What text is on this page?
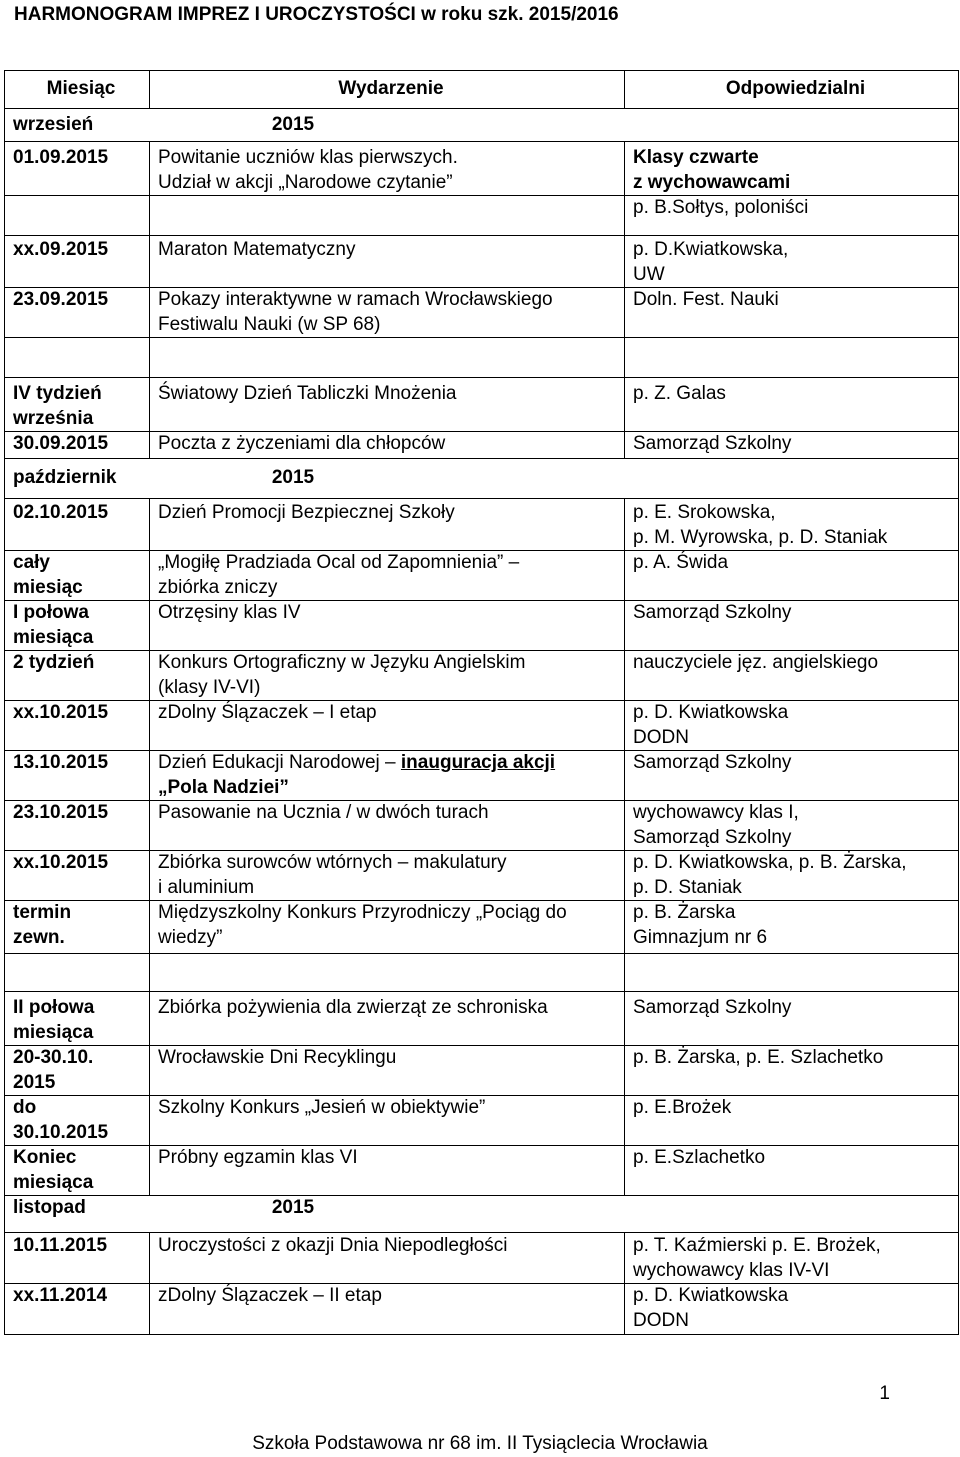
HARMONOGRAM IMPREZ I UROCZYSTOŚCI w roku szk. 2015/2016
Miesiąc	Wydarzenie	Odpowiedzialni
wrzesień 2015		
01.09.2015	Powitanie uczniów klas pierwszych.
Udział w akcji „Narodowe czytanie”	Klasy czwarte
z wychowawcami

		p. B.Sołtys, poloniści

xx.09.2015	Maraton Matematyczny	p. D.Kwiatkowska,
UW

23.09.2015	Pokazy interaktywne w ramach Wrocławskiego
Festiwalu Nauki (w SP 68)	Doln. Fest. Nauki

IV tydzień
września	Światowy Dzień Tabliczki Mnożenia	p. Z. Galas
30.09.2015	Poczta z życzeniami dla chłopców	Samorząd Szkolny
październik 2015		
02.10.2015	Dzień Promocji Bezpiecznej Szkoły	p. E. Srokowska,
p. M. Wyrowska, p. D. Staniak

cały
miesiąc	„Mogiłę Pradziada Ocal od Zapomnienia” –
zbiórka zniczy	p. A. Świda

I połowa
miesiąca	Otrzęsiny klas IV	Samorząd Szkolny
2 tydzień	Konkurs Ortograficzny w Języku Angielskim
(klasy IV-VI)	nauczyciele jęz. angielskiego
xx.10.2015	zDolny Ślązaczek – I etap	p. D. Kwiatkowska
DODN

13.10.2015	Dzień Edukacji Narodowej – inauguracja akcji
„Pola Nadziei”	Samorząd Szkolny
23.10.2015	Pasowanie na Ucznia / w dwóch turach	wychowawcy klas I,
Samorząd Szkolny

xx.10.2015	Zbiórka surowców wtórnych – makulatury
i aluminium	p. D. Kwiatkowska, p. B. Żarska,
p. D. Staniak

termin
zewn.	Międzyszkolny Konkurs Przyrodniczy „Pociąg do
wiedzy”	p. B. Żarska
Gimnazjum nr 6

II połowa
miesiąca	Zbiórka pożywienia dla zwierząt ze schroniska	Samorząd Szkolny

20-30.10.
2015	Wrocławskie Dni Recyklingu	p. B. Żarska, p. E. Szlachetko

do
30.10.2015	Szkolny Konkurs „Jesień w obiektywie”	p. E.Brożek

Koniec
miesiąca	Próbny egzamin klas VI	p. E.Szlachetko
listopad 2015		
10.11.2015	Uroczystości z okazji Dnia Niepodległości	p. T. Kaźmierski p. E. Brożek,
wychowawcy klas IV-VI

xx.11.2014	zDolny Ślązaczek – II etap	p. D. Kwiatkowska
DODN
1
Szkoła Podstawowa nr 68 im. II Tysiąclecia Wrocławia
